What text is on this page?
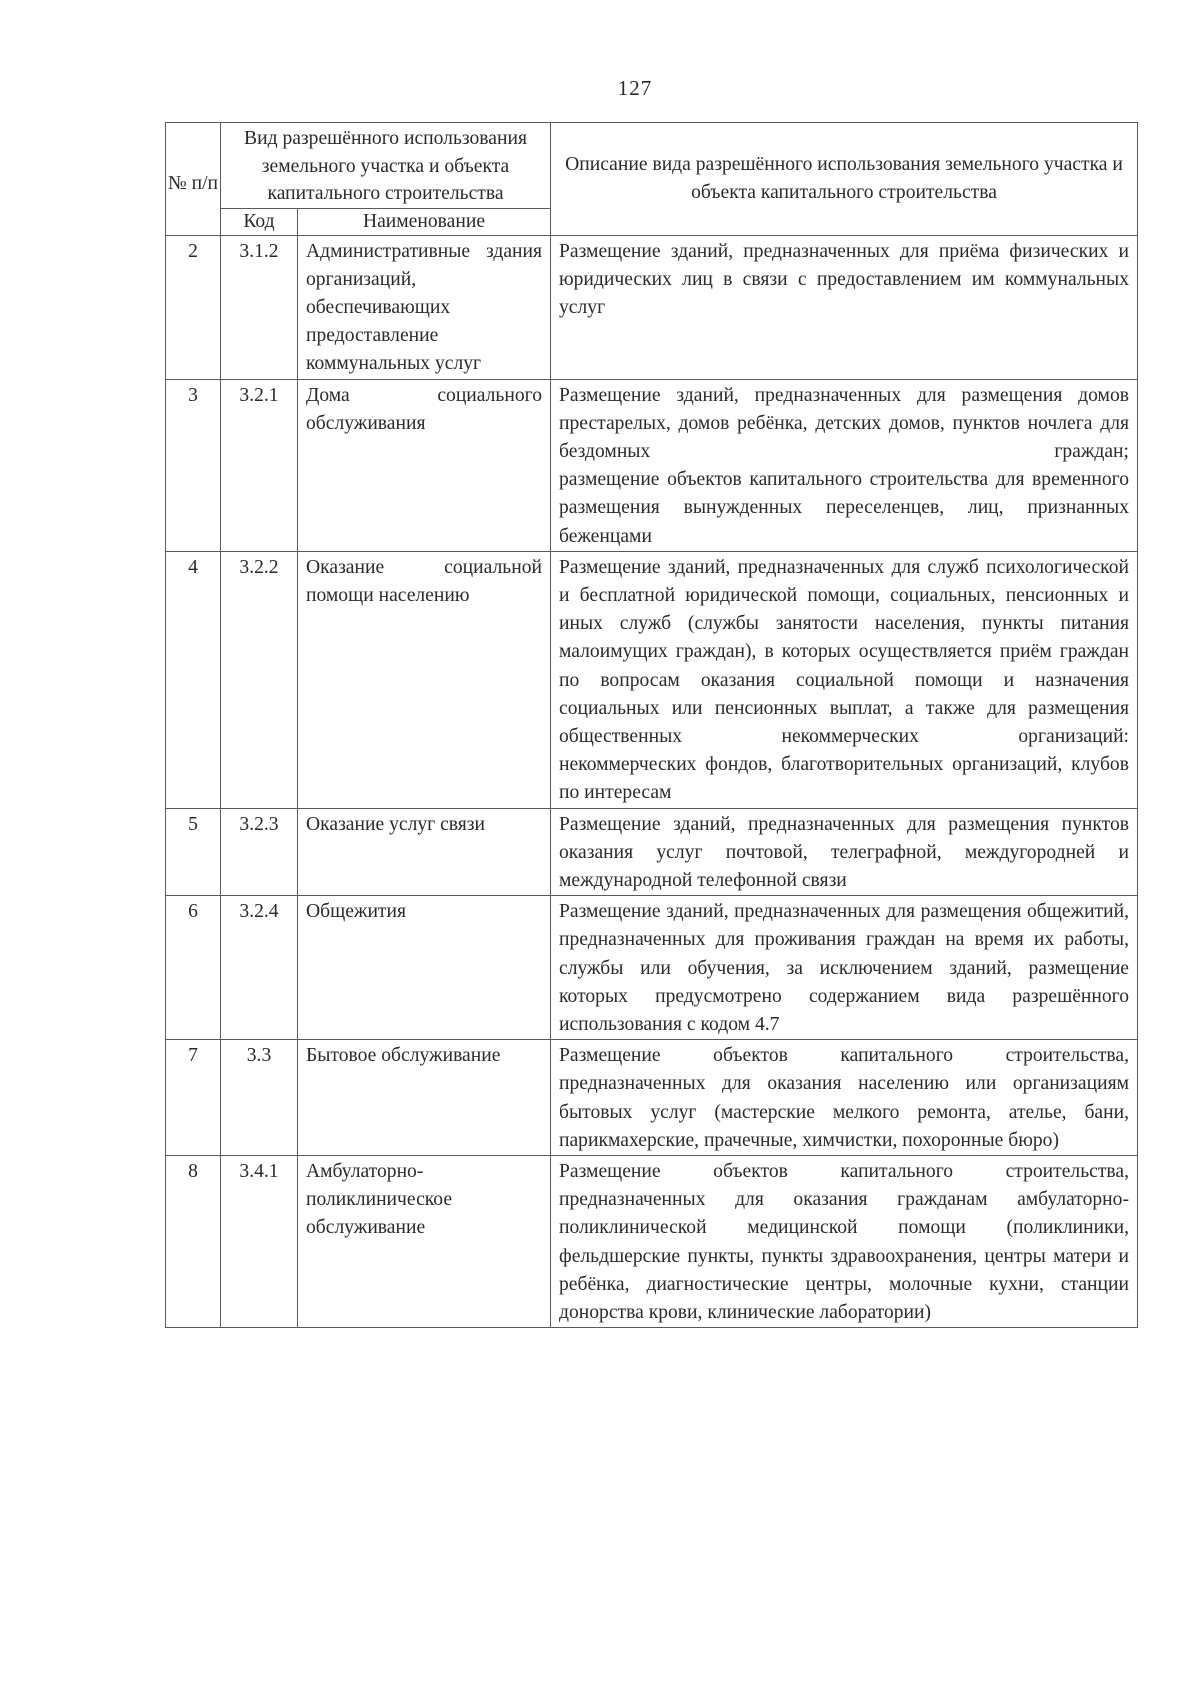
127
№ п/п	Вид разрешённого использования земельного участка и объекта капитального строительства		Описание вида разрешённого использования земельного участка и объекта капитального строительства
	Код	Наименование	
2	3.1.2	Административные здания организаций, обеспечивающих предоставление коммунальных услуг	Размещение зданий, предназначенных для приёма физических и юридических лиц в связи с предоставлением им коммунальных услуг

3	3.2.1	Дома социального обслуживания	Размещение зданий, предназначенных для размещения домов престарелых, домов ребёнка, детских домов, пунктов ночлега для бездомных граждан;
размещение объектов капитального строительства для временного размещения вынужденных переселенцев, лиц, признанных беженцами

4	3.2.2	Оказание социальной помощи населению	Размещение зданий, предназначенных для служб психологической и бесплатной юридической помощи, социальных, пенсионных и иных служб (службы занятости населения, пункты питания малоимущих граждан), в которых осуществляется приём граждан по вопросам оказания социальной помощи и назначения социальных или пенсионных выплат, а также для размещения общественных некоммерческих организаций:
некоммерческих фондов, благотворительных организаций, клубов по интересам

5	3.2.3	Оказание услуг связи	Размещение зданий, предназначенных для размещения пунктов оказания услуг почтовой, телеграфной, междугородней и международной телефонной связи

6	3.2.4	Общежития	Размещение зданий, предназначенных для размещения общежитий, предназначенных для проживания граждан на время их работы, службы или обучения, за исключением зданий, размещение которых предусмотрено содержанием вида разрешённого использования с кодом 4.7

7	3.3	Бытовое обслуживание	Размещение объектов капитального строительства, предназначенных для оказания населению или организациям бытовых услуг (мастерские мелкого ремонта, ателье, бани, парикмахерские, прачечные, химчистки, похоронные бюро)

8	3.4.1	Амбулаторно-поликлиническое обслуживание	Размещение объектов капитального строительства, предназначенных для оказания гражданам амбулаторно-поликлинической медицинской помощи (поликлиники, фельдшерские пункты, пункты здравоохранения, центры матери и ребёнка, диагностические центры, молочные кухни, станции донорства крови, клинические лаборатории)
